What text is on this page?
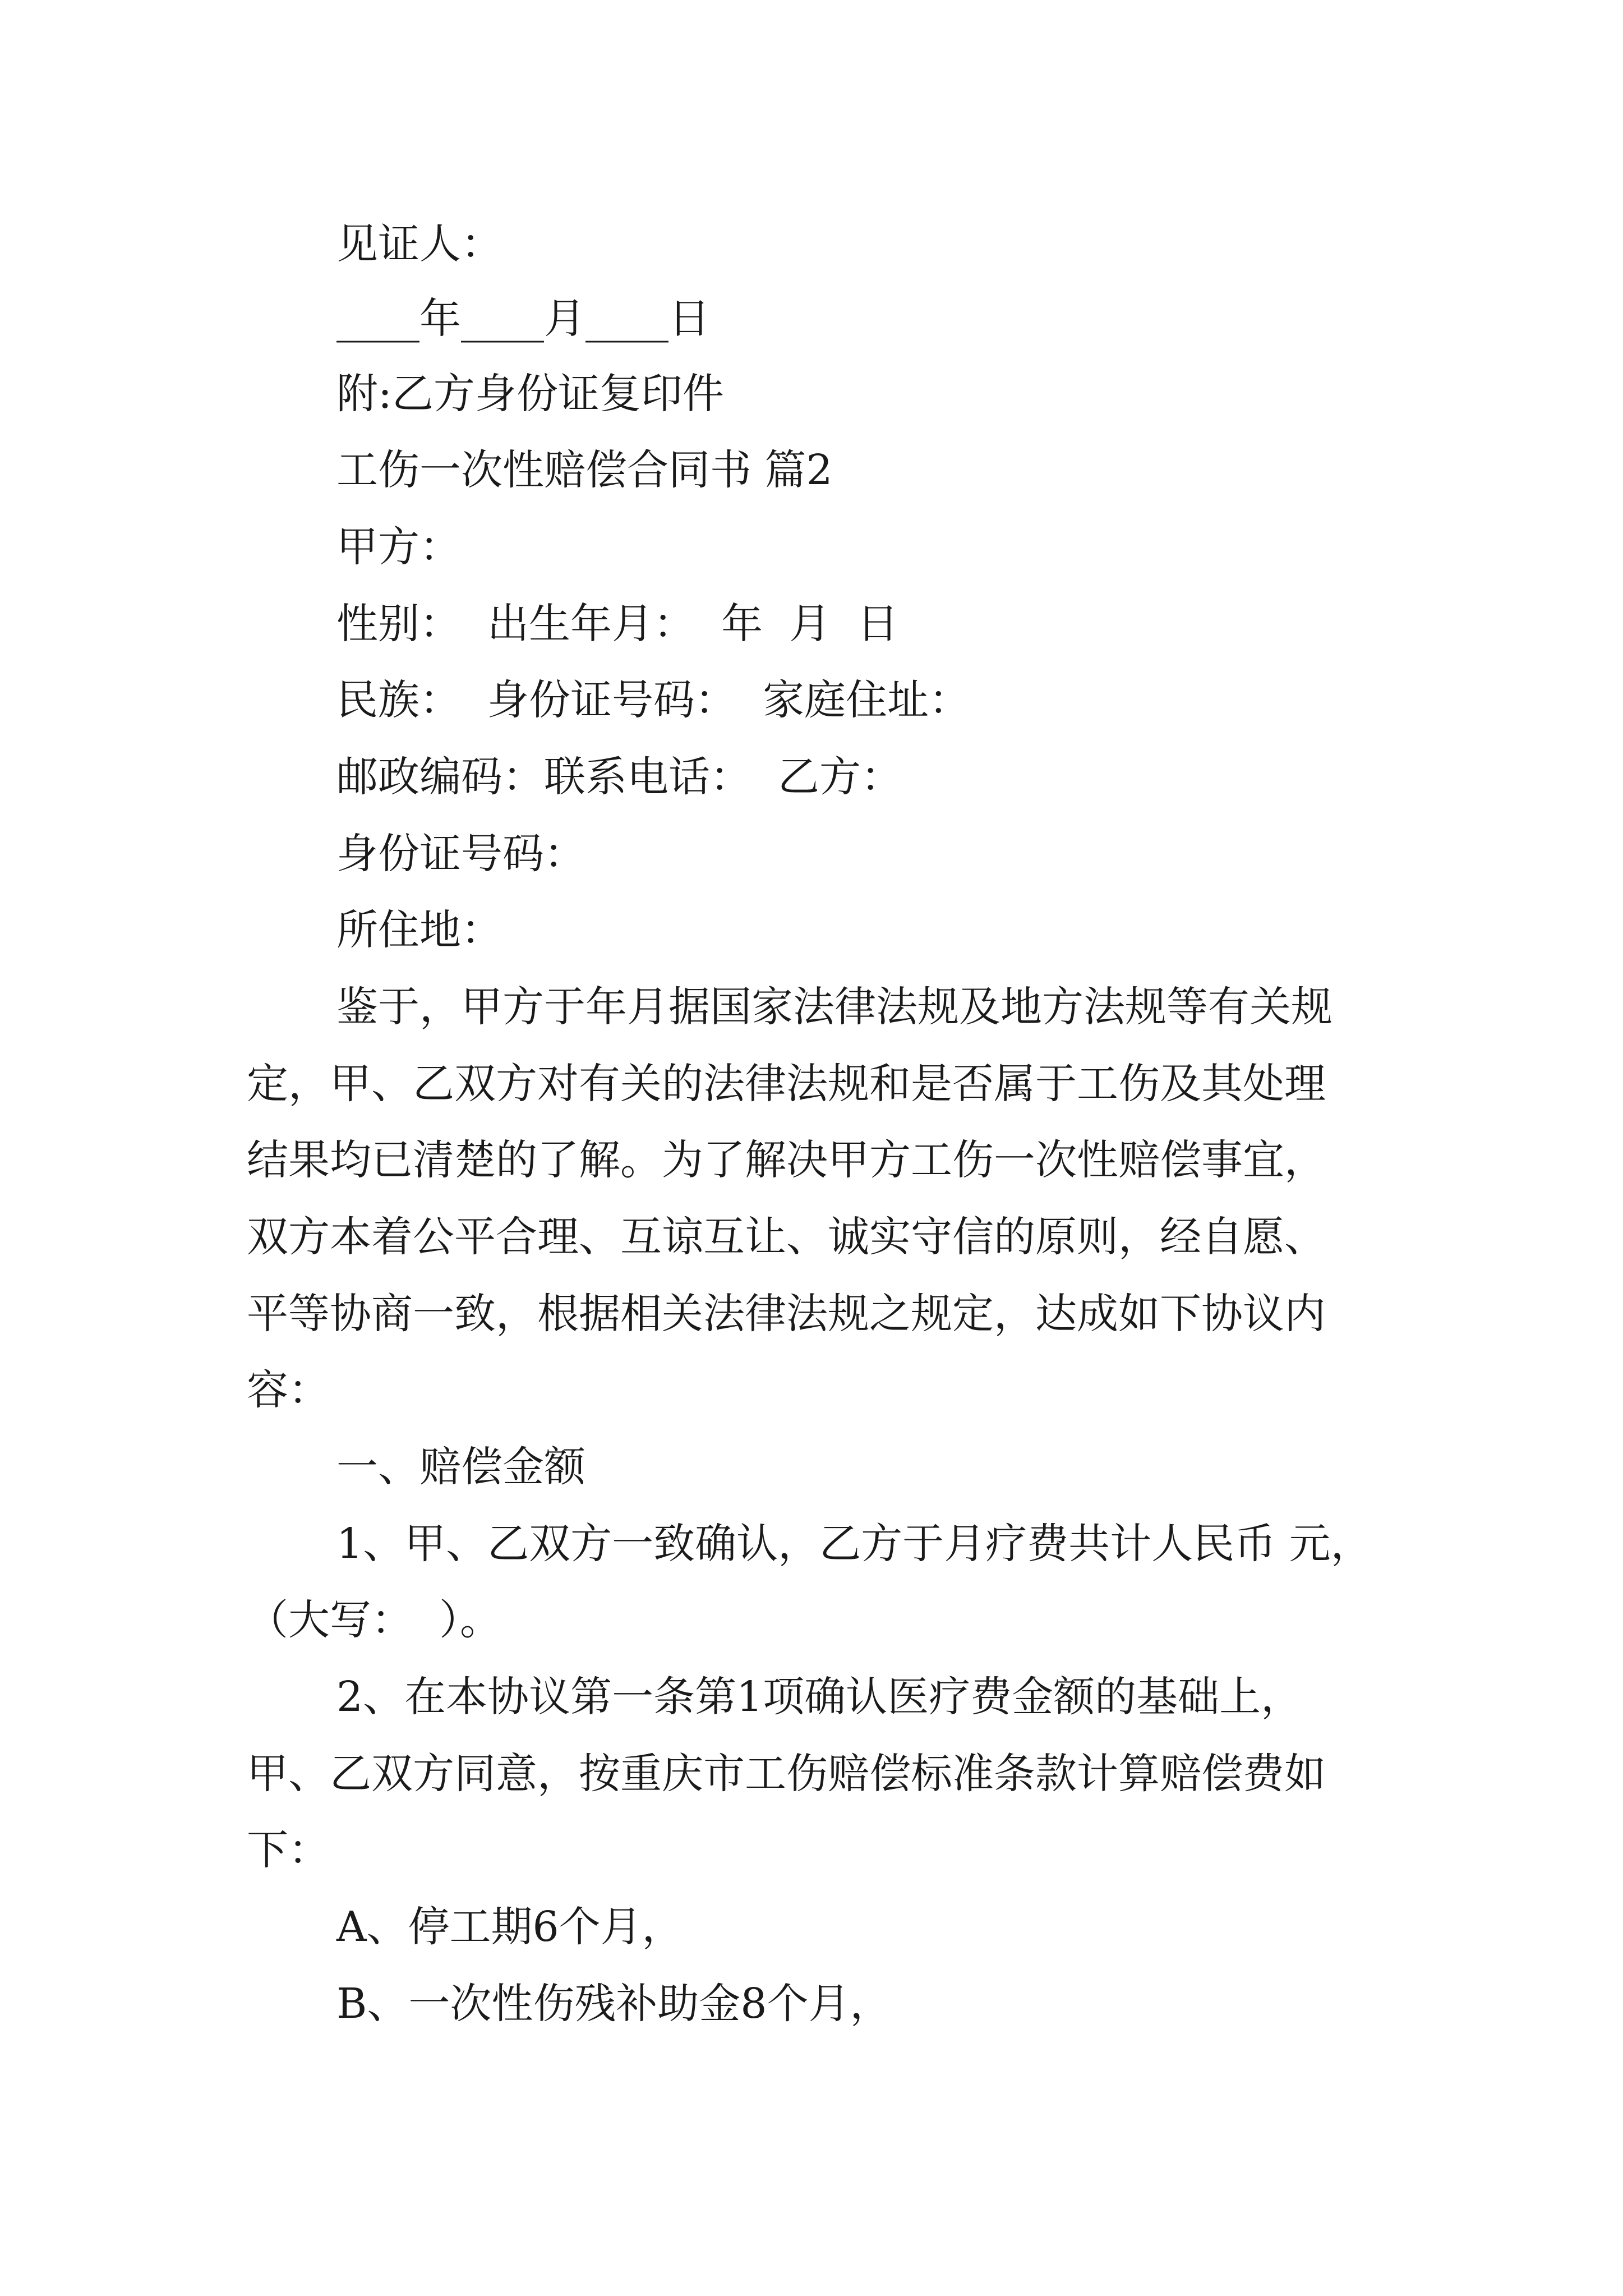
见证人：
____年____月____日
附:乙方身份证复印件
工伤一次性赔偿合同书 篇2
甲方：
性别：  出生年月：  年  月  日
民族：  身份证号码：  家庭住址：
邮政编码：联系电话：  乙方：
身份证号码：
所住地：
鉴于，甲方于年月据国家法律法规及地方法规等有关规
定，甲、乙双方对有关的法律法规和是否属于工伤及其处理
结果均已清楚的了解。为了解决甲方工伤一次性赔偿事宜，
双方本着公平合理、互谅互让、诚实守信的原则，经自愿、
平等协商一致，根据相关法律法规之规定，达成如下协议内
容：
一、赔偿金额
1、甲、乙双方一致确认，乙方于月疗费共计人民币 元，
（大写：  ）。
2、在本协议第一条第1项确认医疗费金额的基础上，
甲、乙双方同意，按重庆市工伤赔偿标准条款计算赔偿费如
下：
A、停工期6个月，
B、一次性伤残补助金8个月，
